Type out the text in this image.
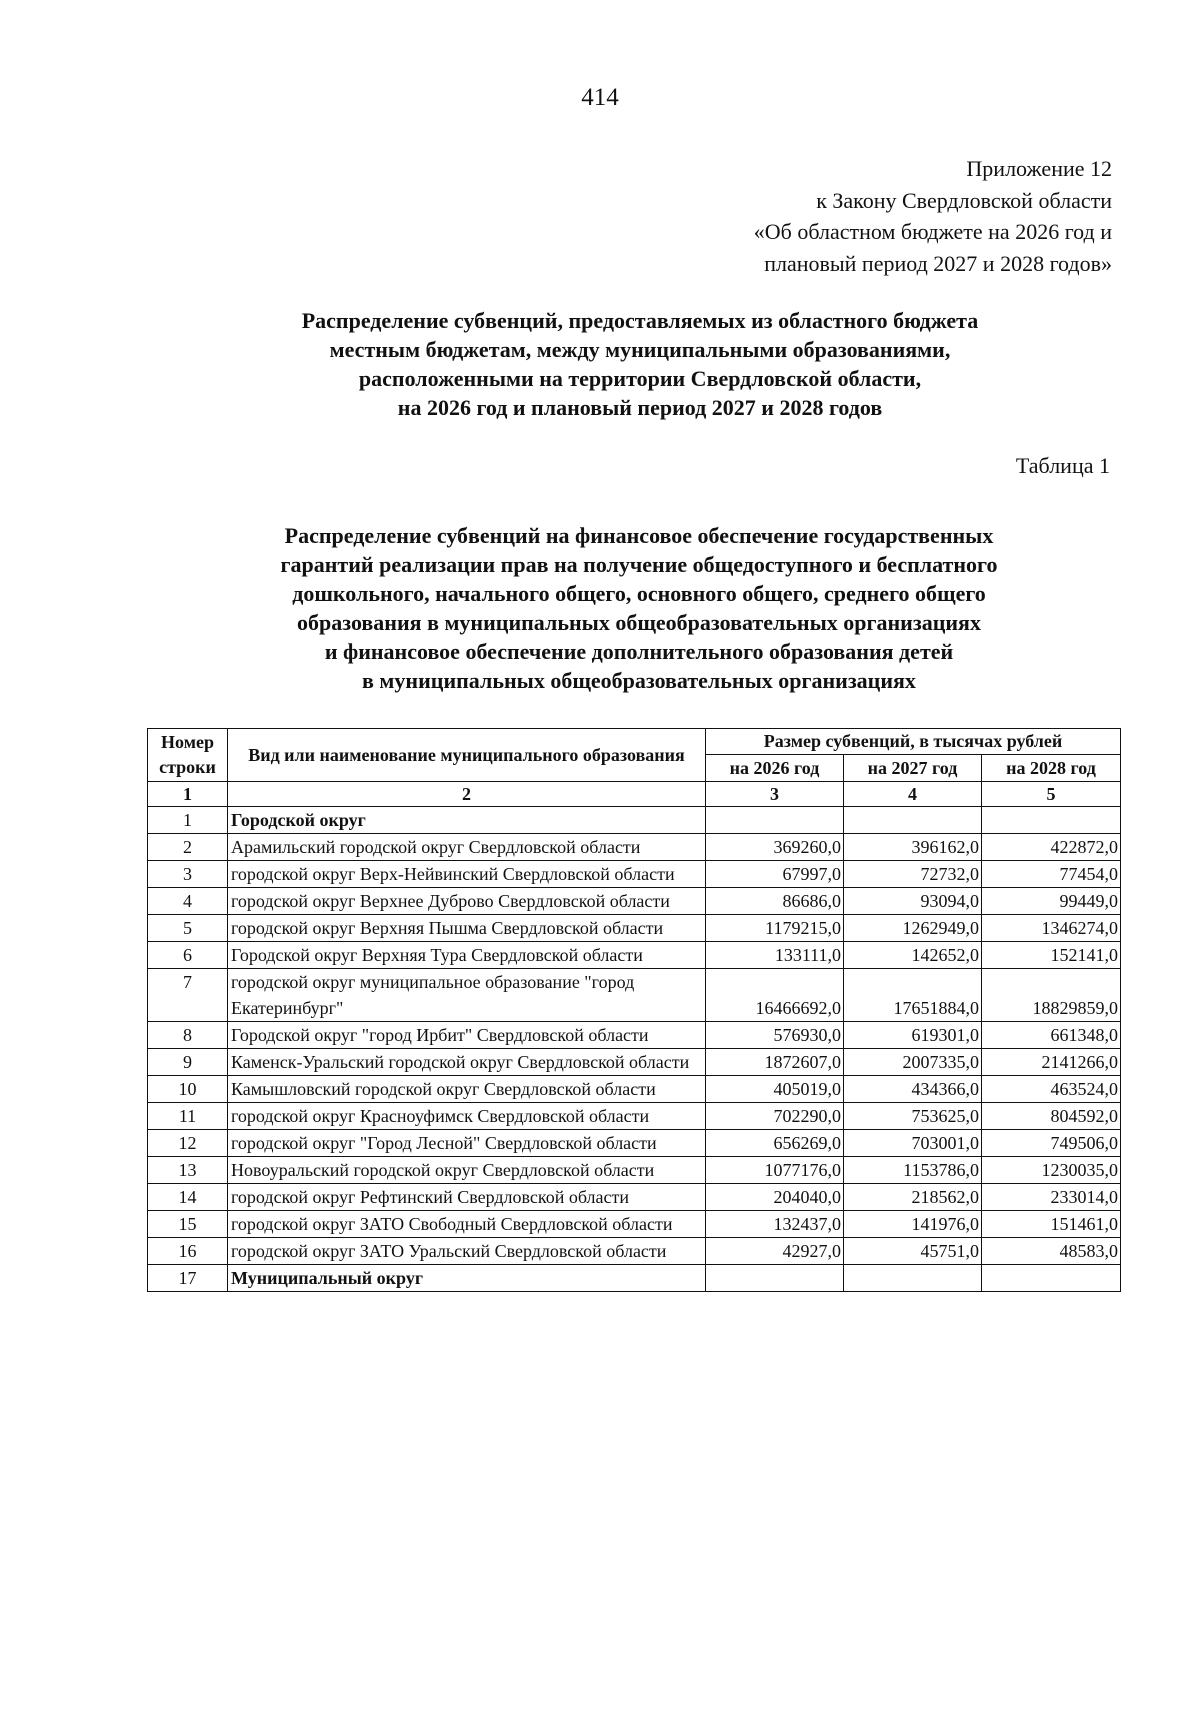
414
Приложение 12
к Закону Свердловской области
«Об областном бюджете на 2026 год и
плановый период 2027 и 2028 годов»
Распределение субвенций, предоставляемых из областного бюджета
местным бюджетам, между муниципальными образованиями,
расположенными на территории Свердловской области,
на 2026 год и плановый период 2027 и 2028 годов
Таблица 1
Распределение субвенций на финансовое обеспечение государственных
гарантий реализации прав на получение общедоступного и бесплатного
дошкольного, начального общего, основного общего, среднего общего
образования в муниципальных общеобразовательных организациях
и финансовое обеспечение дополнительного образования детей
в муниципальных общеобразовательных организациях
Номер строки	Вид или наименование муниципального образования	Размер субвенций, в тысячах рублей		
		на 2026 год	на 2027 год	на 2028 год
1	2	3	4	5
1	Городской округ			
2	Арамильский городской округ Свердловской области	369260,0	396162,0	422872,0
3	городской округ Верх-Нейвинский Свердловской области	67997,0	72732,0	77454,0
4	городской округ Верхнее Дуброво Свердловской области	86686,0	93094,0	99449,0
5	городской округ Верхняя Пышма Свердловской области	1179215,0	1262949,0	1346274,0
6	Городской округ Верхняя Тура Свердловской области	133111,0	142652,0	152141,0
7	городской округ муниципальное образование "город Екатеринбург"	16466692,0	17651884,0	18829859,0
8	Городской округ "город Ирбит" Свердловской области	576930,0	619301,0	661348,0
9	Каменск-Уральский городской округ Свердловской области	1872607,0	2007335,0	2141266,0
10	Камышловский городской округ Свердловской области	405019,0	434366,0	463524,0
11	городской округ Красноуфимск Свердловской области	702290,0	753625,0	804592,0
12	городской округ "Город Лесной" Свердловской области	656269,0	703001,0	749506,0
13	Новоуральский городской округ Свердловской области	1077176,0	1153786,0	1230035,0
14	городской округ Рефтинский Свердловской области	204040,0	218562,0	233014,0
15	городской округ ЗАТО Свободный Свердловской области	132437,0	141976,0	151461,0
16	городской округ ЗАТО Уральский Свердловской области	42927,0	45751,0	48583,0
17	Муниципальный округ			
